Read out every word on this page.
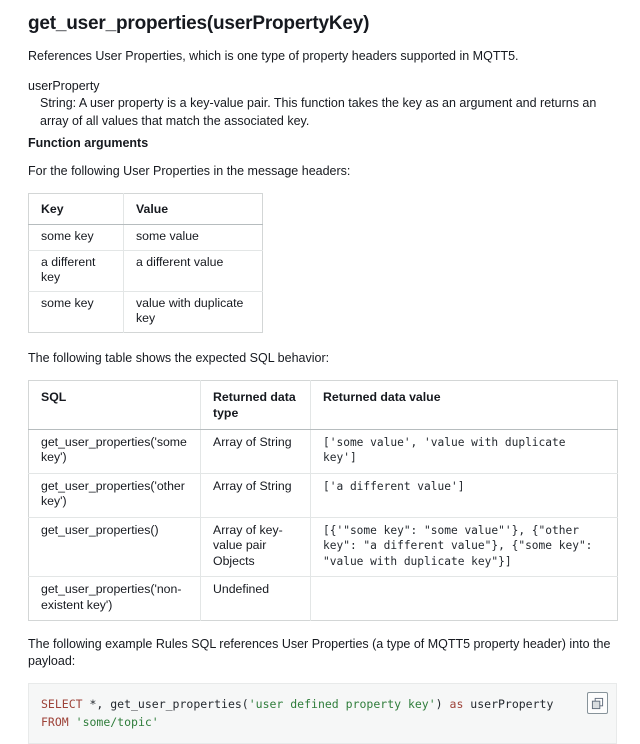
get_user_properties(userPropertyKey)

References User Properties, which is one type of property headers supported in MQTT5.

userProperty
String: A user property is a key-value pair. This function takes the key as an argument and returns an array of all values that match the associated key.

Function arguments

For the following User Properties in the message headers:

Key	Value
some key	some value
a different key	a different value
some key	value with duplicate key

The following table shows the expected SQL behavior:

SQL	Returned data type	Returned data value
get_user_properties('some key')	Array of String	['some value', 'value with duplicate key']
get_user_properties('other key')	Array of String	['a different value']
get_user_properties()	Array of key-value pair Objects	[{'"some key": "some value"'}, {"other key": "a different value"}, {"some key": "value with duplicate key"}]
get_user_properties('non-existent key')	Undefined	

The following example Rules SQL references User Properties (a type of MQTT5 property header) into the payload:

SELECT *, get_user_properties('user defined property key') as userProperty
FROM 'some/topic'
